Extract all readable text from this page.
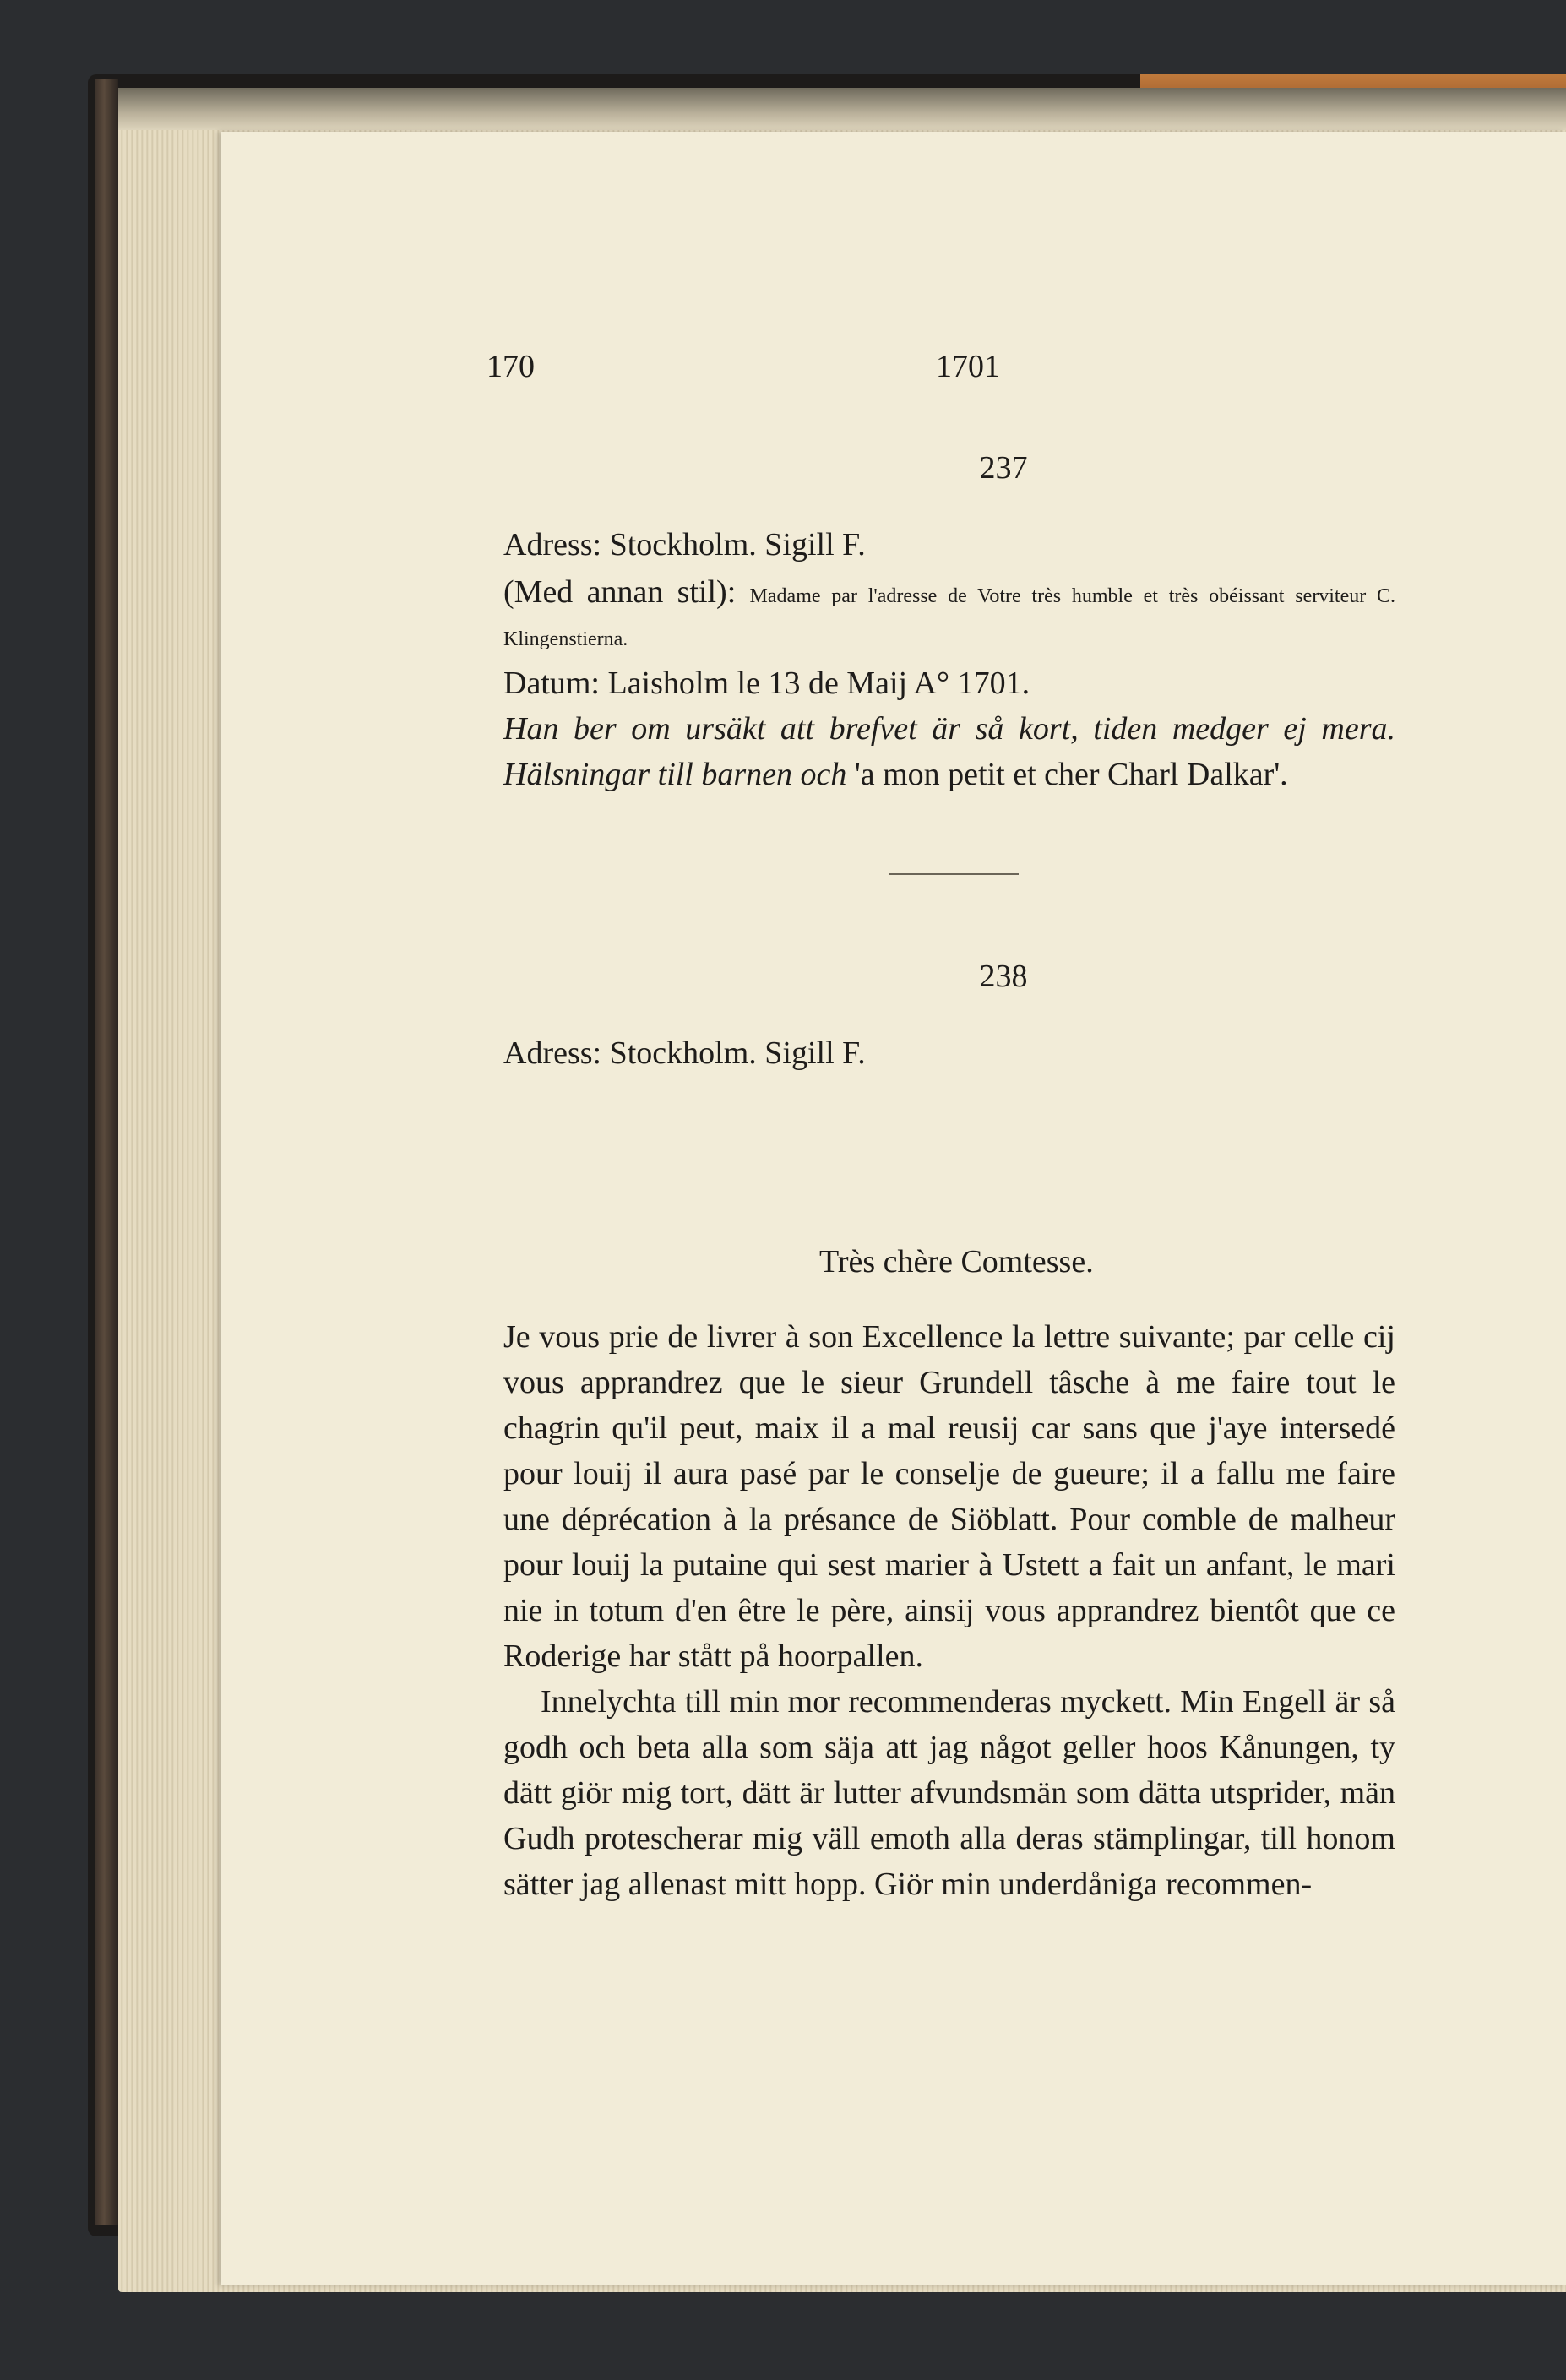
170	1701
237

Adress: Stockholm. Sigill F.

(Med annan stil): Madame par l'adresse de Votre très humble et très obéissant serviteur C. Klingenstierna.

Datum: Laisholm le 13 de Maij A° 1701.

Han ber om ursäkt att brefvet är så kort, tiden medger ej mera. Hälsningar till barnen och 'a mon petit et cher Charl Dalkar'.

238

Adress: Stockholm. Sigill F.

Très chère Comtesse.

Je vous prie de livrer à son Excellence la lettre suivante; par celle cij vous apprandrez que le sieur Grundell tâsche à me faire tout le chagrin qu'il peut, maix il a mal reusij car sans que j'aye intersedé pour louij il aura pasé par le conselje de gueure; il a fallu me faire une déprécation à la présance de Siöblatt. Pour comble de malheur pour louij la putaine qui sest marier à Ustett a fait un anfant, le mari nie in totum d'en être le père, ainsij vous apprandrez bientôt que ce Roderige har stått på hoorpallen.

Innelychta till min mor recommenderas myckett. Min Engell är så godh och beta alla som säja att jag något geller hoos Kånungen, ty dätt giör mig tort, dätt är lutter afvundsmän som dätta utsprider, män Gudh protescherar mig väll emoth alla deras stämplingar, till honom sätter jag allenast mitt hopp. Giör min underdåniga recommen-
